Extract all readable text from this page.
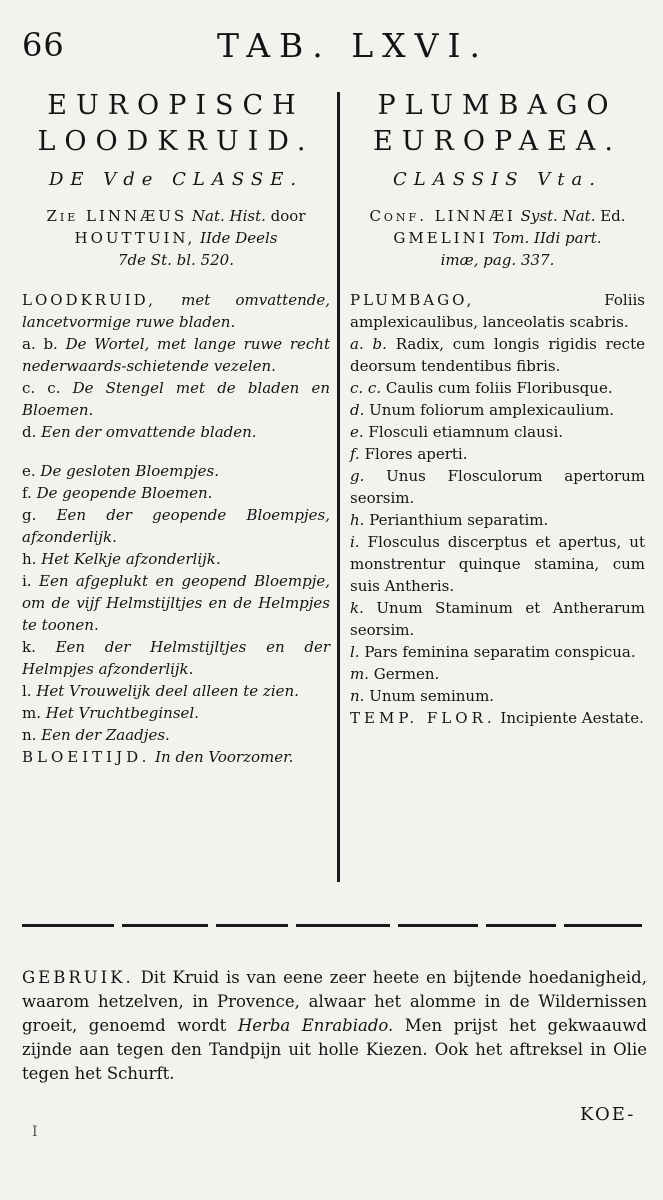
66	TAB. LXVI.
EUROPISCH
LOODKRUID.
DE Vde CLASSE.
Zie LINNÆUS Nat. Hist. door
HOUTTUIN, IIde Deels
7de St. bl. 520.
LOODKRUID, met omvattende, lancetvormige ruwe bladen.
a. b. De Wortel, met lange ruwe recht nederwaards-schietende vezelen.
c. c. De Stengel met de bladen en Bloemen.
d. Een der omvattende bladen.
e. De gesloten Bloempjes.
f. De geopende Bloemen.
g. Een der geopende Bloempjes, afzonderlijk.
h. Het Kelkje afzonderlijk.
i. Een afgeplukt en geopend Bloempje, om de vijf Helmstijltjes en de Helmpjes te toonen.
k. Een der Helmstijltjes en der Helmpjes afzonderlijk.
l. Het Vrouwelijk deel alleen te zien.
m. Het Vruchtbeginsel.
n. Een der Zaadjes.
BLOEITIJD. In den Voorzomer.
PLUMBAGO
EUROPAEA.
CLASSIS Vta.
Conf. LINNÆI Syst. Nat. Ed.
GMELINI Tom. IIdi part.
imæ, pag. 337.
PLUMBAGO, Foliis amplexicaulibus, lanceolatis scabris.
a. b. Radix, cum longis rigidis recte deorsum tendentibus fibris.
c. c. Caulis cum foliis Floribusque.
d. Unum foliorum amplexicaulium.
e. Flosculi etiamnum clausi.
f. Flores aperti.
g. Unus Flosculorum apertorum seorsim.
h. Perianthium separatim.
i. Flosculus discerptus et apertus, ut monstrentur quinque stamina, cum suis Antheris.
k. Unum Staminum et Antherarum seorsim.
l. Pars feminina separatim conspicua.
m. Germen.
n. Unum seminum.
TEMP. FLOR. Incipiente Aestate.
GEBRUIK. Dit Kruid is van eene zeer heete en bijtende hoedanigheid, waarom hetzelven, in Provence, alwaar het alomme in de Wildernissen groeit, genoemd wordt Herba Enrabiado. Men prijst het gekwaauwd zijnde aan tegen den Tandpijn uit holle Kiezen. Ook het aftreksel in Olie tegen het Schurft.
I
KOE-
